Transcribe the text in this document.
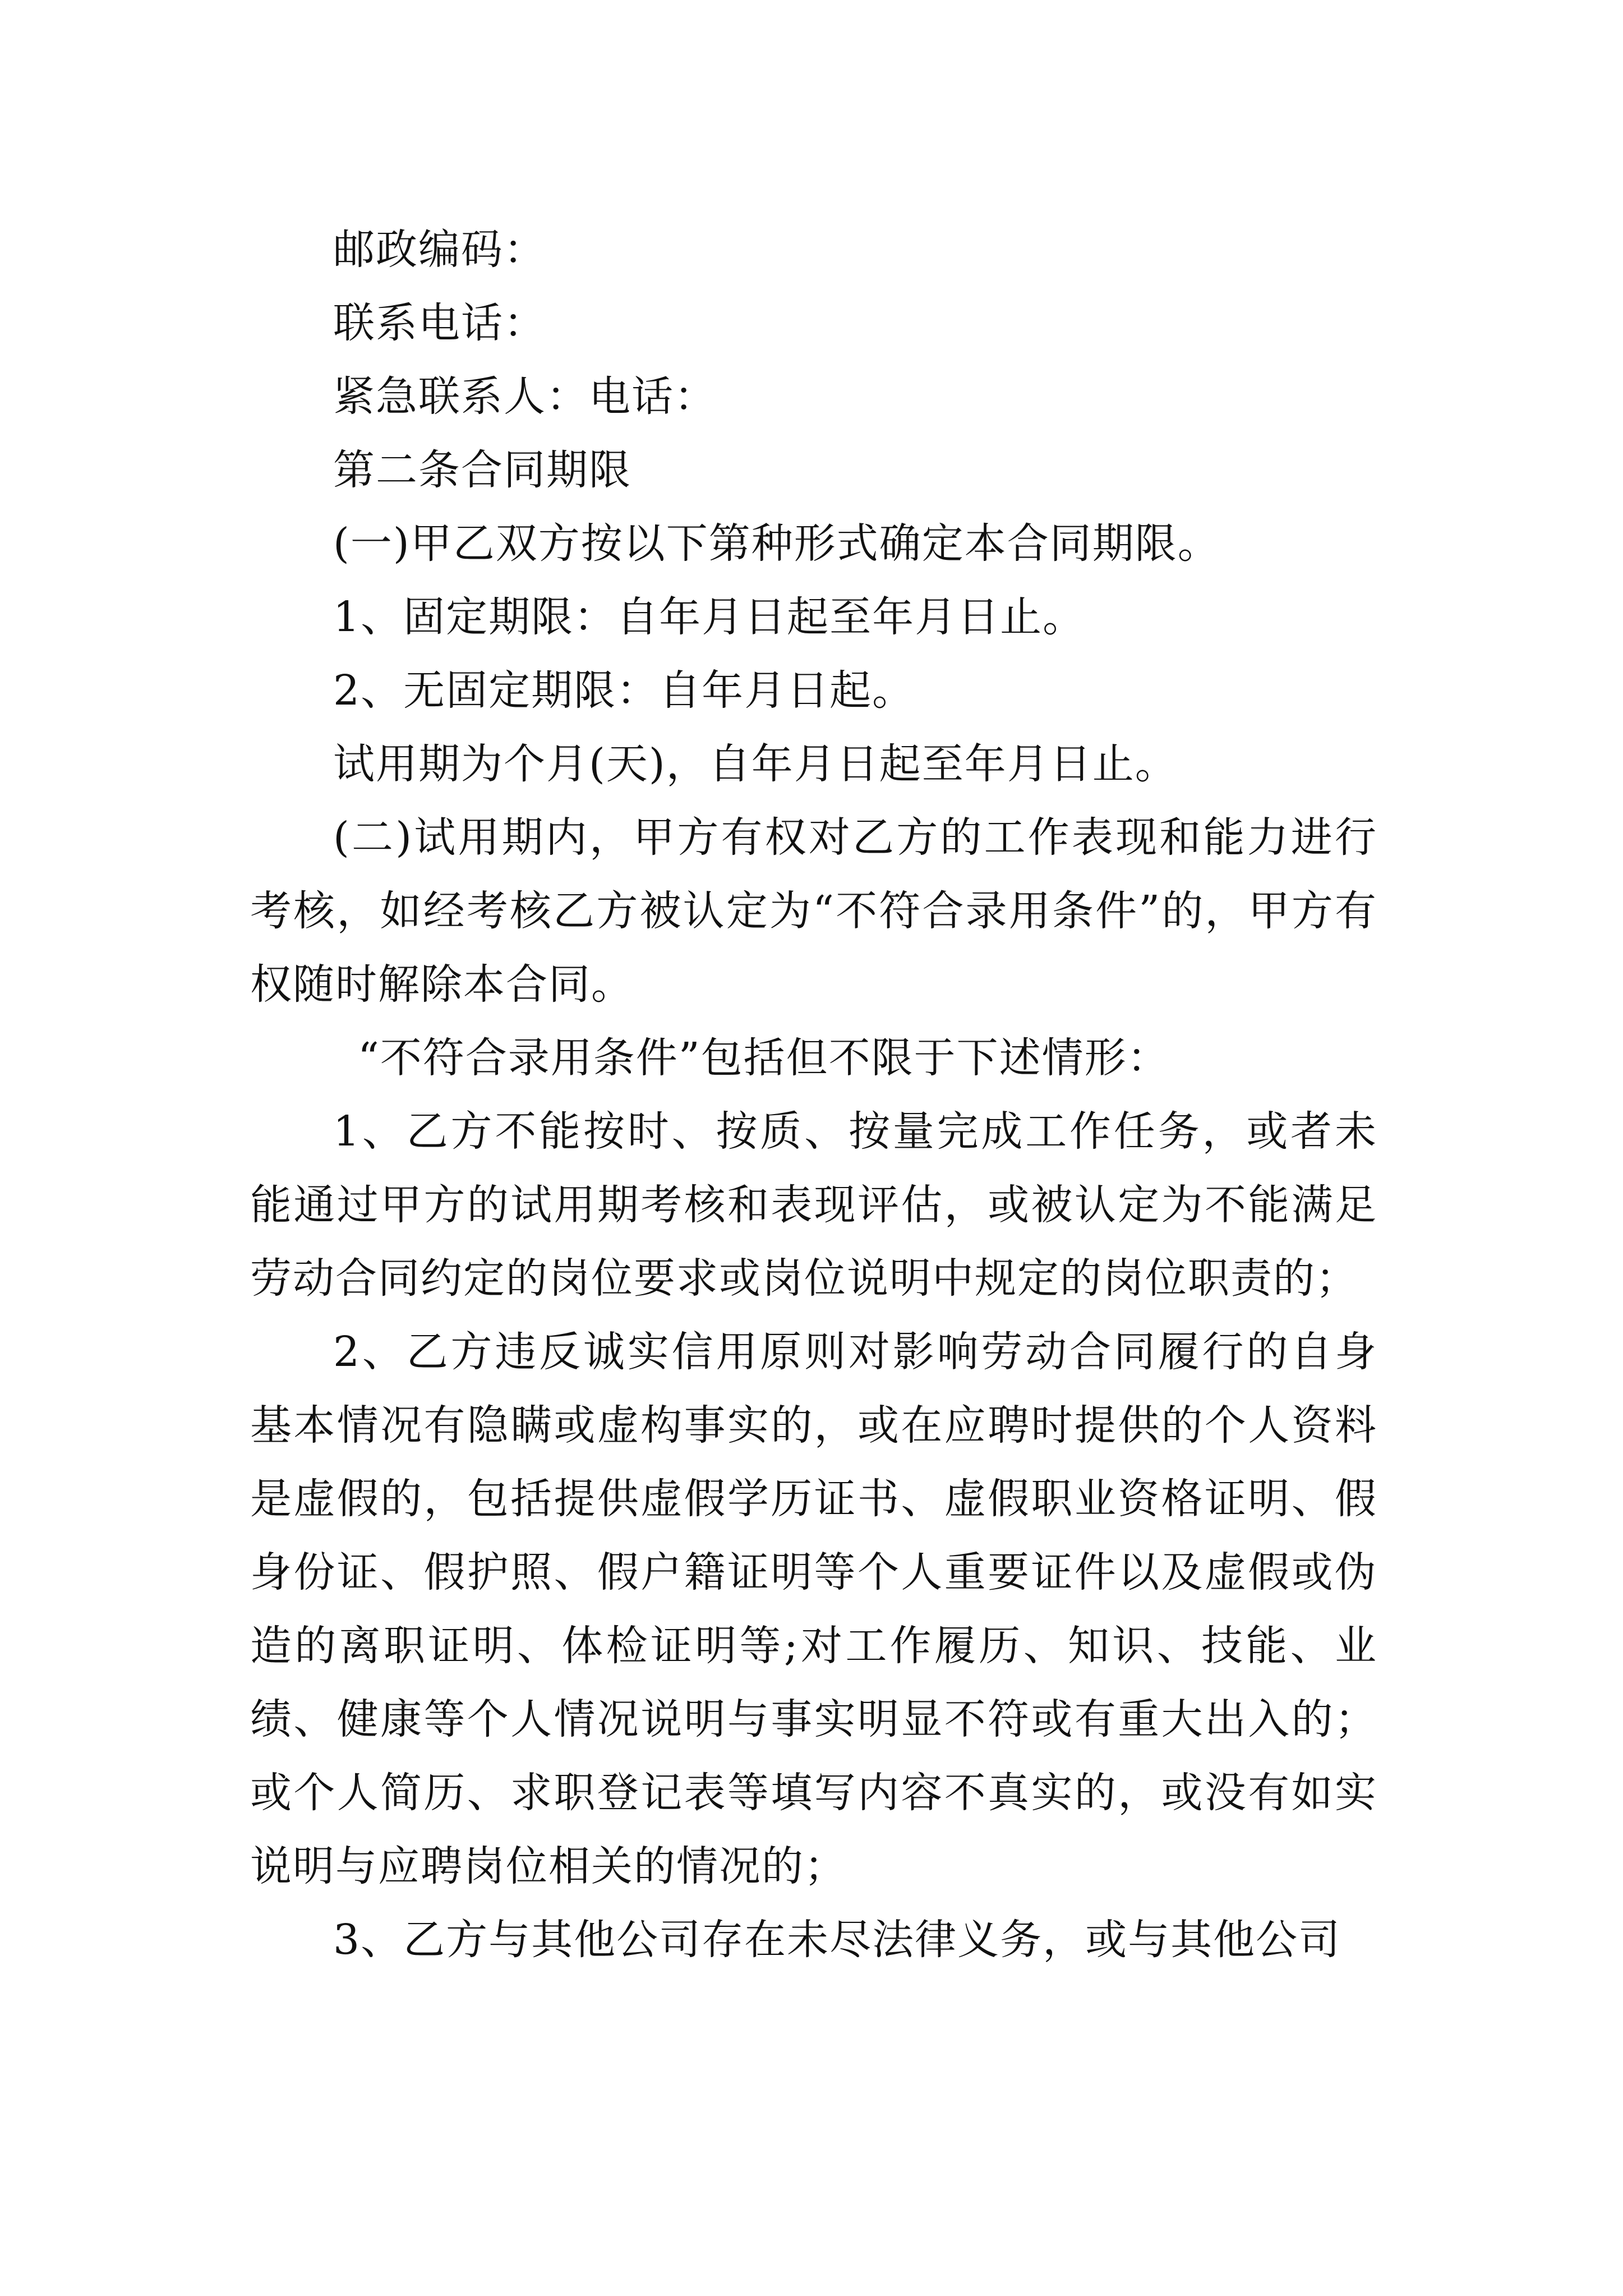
邮政编码：

联系电话：

紧急联系人：电话：

第二条合同期限

(一)甲乙双方按以下第种形式确定本合同期限。

1、固定期限：自年月日起至年月日止。

2、无固定期限：自年月日起。

试用期为个月(天)，自年月日起至年月日止。

(二)试用期内，甲方有权对乙方的工作表现和能力进行考核，如经考核乙方被认定为“不符合录用条件”的，甲方有权随时解除本合同。

“不符合录用条件”包括但不限于下述情形：

1、乙方不能按时、按质、按量完成工作任务，或者未能通过甲方的试用期考核和表现评估，或被认定为不能满足劳动合同约定的岗位要求或岗位说明中规定的岗位职责的；

2、乙方违反诚实信用原则对影响劳动合同履行的自身基本情况有隐瞒或虚构事实的，或在应聘时提供的个人资料是虚假的，包括提供虚假学历证书、虚假职业资格证明、假身份证、假护照、假户籍证明等个人重要证件以及虚假或伪造的离职证明、体检证明等;对工作履历、知识、技能、业绩、健康等个人情况说明与事实明显不符或有重大出入的；或个人简历、求职登记表等填写内容不真实的，或没有如实说明与应聘岗位相关的情况的；

3、乙方与其他公司存在未尽法律义务，或与其他公司
